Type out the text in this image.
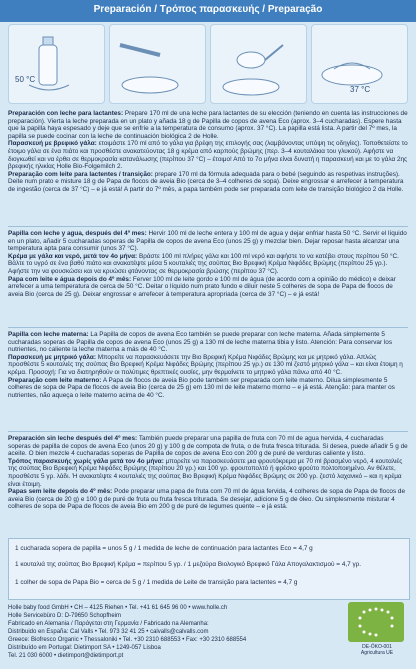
Preparación / Τρόπος παρασκευής / Preparação
50 °C
37 °C

Preparación con leche para lactantes: Prepare 170 ml de una leche para lactantes de su elección (teniendo en cuenta las instrucciones de preparación). Vierta la leche preparada en un plato y añada 18 g de Papilla de copos de avena Eco (aprox. 3–4 cucharadas). Espere hasta que la papilla haya espesado y deje que se enfríe a la temperatura de consumo (aprox. 37 °C). La papilla está lista. A partir del 7º mes, la papilla se puede cocinar con la leche de continuación biológica 2 de Holle.

Παρασκευή με βρεφικό γάλα: ετοιμάστε 170 ml από το γάλα για βρέφη της επιλογής σας (λαμβάνοντας υπόψη τις οδηγίες). Τοποθετείστε το έτοιμο γάλα σε ένα πιάτο και προσθέστε ανακατεύοντας 18 g κρέμα από καρπούς βρώμης (περ. 3–4 κουταλάκια του γλυκού). Αφήστε να διογκωθεί και να έρθει σε θερμοκρασία κατανάλωσης (περίπου 37 °C) – έτοιμο! Από το 7ο μήνα είναι δυνατή η παρασκευή και με το γάλα 2ης βρεφικής ηλικίας Holle Bio-Folgemilch 2.

Preparação com leite para lactentes / transição: prepare 170 ml da fórmula adequada para o bebé (seguindo as respetivas instruções). Deite num prato e misture 18 g de Papa de flocos de aveia Bio (cerca de 3–4 colheres de sopa). Deixe engrossar e arrefecer à temperatura de ingestão (cerca de 37 °C) – e já está! A partir do 7º mês, a papa também pode ser preparada com leite de transição biológico 2 da Holle.

Papilla con leche y agua, después del 4º mes: Hervir 100 ml de leche entera y 100 ml de agua y dejar enfriar hasta 50 °C. Servir el líquido en un plato, añadir 5 cucharadas soperas de Papilla de copos de avena Eco (unos 25 g) y mezclar bien. Dejar reposar hasta alcanzar una temperatura apta para consumir (unos 37 °C).

Κρέμα με γάλα και νερό, μετά τον 4ο μήνα: Βράστε 100 ml πλήρες γάλα και 100 ml νερό και αφήστε το να κατέβει στους περίπου 50 °C. Βάλτε το υγρό σε ένα βαθύ πιάτο και ανακατέψτε μέσα 5 κουταλιές της σούπας Βιο Βρεφική Κρέμα Νιφάδες Βρώμης (περίπου 25 γρ.). Αφήστε την να φουσκώσει και να κρυώσει φτάνοντας σε θερμοκρασία βρώσης (περίπου 37 °C).

Papa com leite e água depois do 4º mês: Ferver 100 ml de leite gordo e 100 ml de água (de acordo com a opinião do médico) e deixar arrefecer a uma temperatura de cerca de 50 °C. Deitar o líquido num prato fundo e diluir neste 5 colheres de sopa de Papa de flocos de aveia Bio (cerca de 25 g). Deixar engrossar e arrefecer à temperatura apropriada (cerca de 37 °C) – e já está!

Papilla con leche materna: La Papilla de copos de avena Eco también se puede preparar con leche materna. Añada simplemente 5 cucharadas soperas de Papilla de copos de avena Eco (unos 25 g) a 130 ml de leche materna tibia y listo. Atención: Para conservar los nutrientes, no caliente la leche materna a más de 40 °C.

Παρασκευή με μητρικό γάλα: Μπορείτε να παρασκευάσετε την Βιο Βρεφική Κρέμα Νιφάδες Βρώμης και με μητρικό γάλα. Απλώς προσθέστε 5 κουταλιές της σούπας Βιο Βρεφική Κρέμα Νιφάδες Βρώμης (περίπου 25 γρ.) σε 130 ml ζεστό μητρικό γάλα – και είναι έτοιμη η κρέμα. Προσοχή: Για να διατηρηθούν οι πολύτιμες θρεπτικές ουσίες, μην θερμαίνετε το μητρικό γάλα πάνω από 40 °C.

Preparação com leite materno: A Papa de flocos de aveia Bio pode também ser preparada com leite materno. Dilua simplesmente 5 colheres de sopa de Papa de flocos de aveia Bio (cerca de 25 g) em 130 ml de leite materno morno – e já está. Atenção: para manter os nutrientes, não aqueça o leite materno acima de 40 °C.

Preparación sin leche después del 4º mes: También puede preparar una papilla de fruta con 70 ml de agua hervida, 4 cucharadas soperas de papilla de copos de avena Eco (unos 20 g) y 100 g de compota de fruta, o de fruta fresca triturada. Si desea, puede añadir 5 g de aceite. O bien mezcle 4 cucharadas soperas de Papilla de copos de avena Eco con 200 g de puré de verduras caliente y listo.

Τρόπος παρασκευής χωρίς γάλα μετά τον 4ο μήνα: μπορείτε να παρασκευάσετε μια φρουτόκρεμα με 70 ml βρασμένο νερό, 4 κουταλιές της σούπας Βιο Βρεφική Κρέμα Νιφάδες Βρώμης (περίπου 20 γρ.) και 100 γρ. φρουτοπολτό ή φρέσκο φρούτο πολτοποιημένο. Αν θέλετε, προσθέστε 5 γρ. λάδι. Ή ανακατέψτε 4 κουταλιές της σούπας Βιο Βρεφική Κρέμα Νιφάδες Βρώμης σε 200 γρ. ζεστό λαχανικό – και η κρέμα είναι έτοιμη.

Papas sem leite depois do 4º mês: Pode preparar uma papa de fruta com 70 ml de água fervida, 4 colheres de sopa de Papa de flocos de aveia Bio (cerca de 20 g) e 100 g de puré de fruta ou fruta fresca triturada. Se desejar, adicione 5 g de óleo. Ou simplesmente misturar 4 colheres de sopa de Papa de flocos de aveia Bio em 200 g de puré de legumes quente – e já está.

1 cucharada sopera de papilla = unos 5 g / 1 medida de leche de continuación para lactantes Eco = 4,7 g
1 κουταλιά της σούπας Βιο Βρεφική Κρέμα = περίπου 5 γρ. / 1 μεζούρα Βιολογικό Βρεφικό Γάλα Απογαλακτισμού = 4,7 γρ.
1 colher de sopa de Papa Bio = cerca de 5 g / 1 medida de Leite de transição para lactentes = 4,7 g
Holle baby food GmbH • CH – 4125 Riehen • Tel. +41 61 645 96 00 • www.holle.ch
Holle Servicebüro D: D-79650 Schopfheim
Fabricado en Alemania / Παράγεται στη Γερμανία / Fabricado na Alemanha:
Distribuido en España: Cal Valls • Tel. 973 32 41 25 • calvalls@calvalls.com
Greece: Biofresco Organic • Thessaloniki • Tel. +30 2310 688553 • Fax: +30 2310 688554
Distribuído em Portugal: Dietimport SA • 1249-057 Lisboa
Tel. 21 030 6000 • dietimport@dietimport.pt
DE-ÖKO-001
Agricultura UE
